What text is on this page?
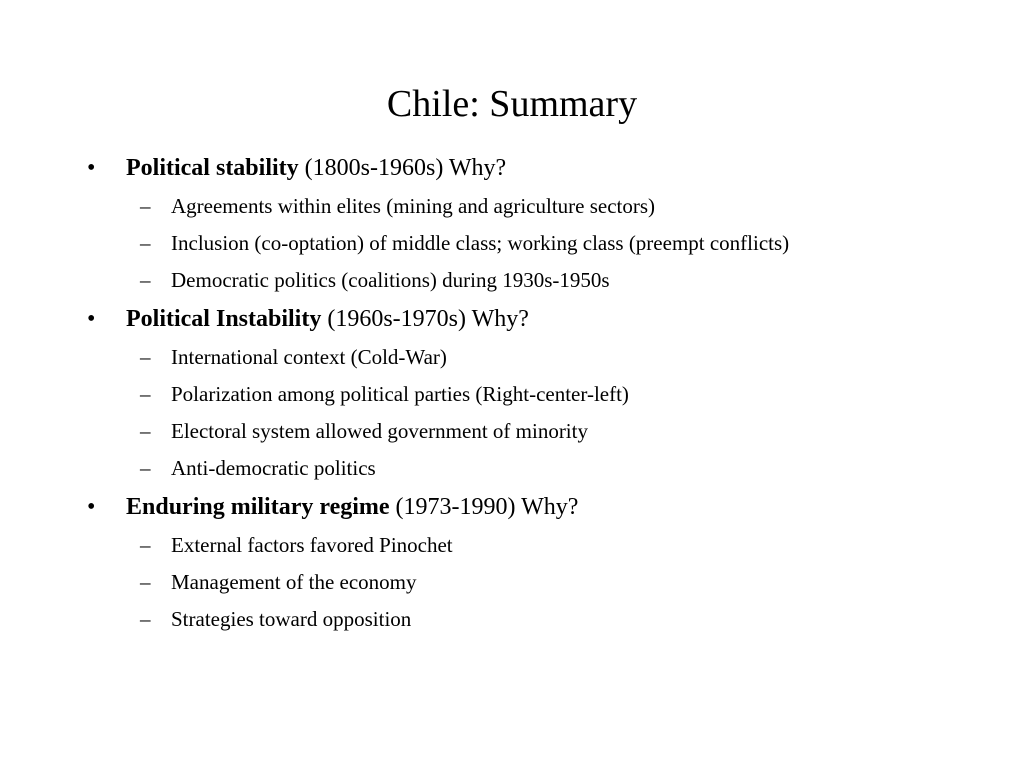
Chile: Summary
• Political stability (1800s-1960s) Why?
– Agreements within elites (mining and agriculture sectors)
– Inclusion (co-optation) of middle class; working class (preempt conflicts)
– Democratic politics (coalitions) during 1930s-1950s
• Political Instability (1960s-1970s) Why?
– International context (Cold-War)
– Polarization among political parties (Right-center-left)
– Electoral system allowed government of minority
– Anti-democratic politics
• Enduring military regime (1973-1990) Why?
– External factors favored Pinochet
– Management of the economy
– Strategies toward opposition
